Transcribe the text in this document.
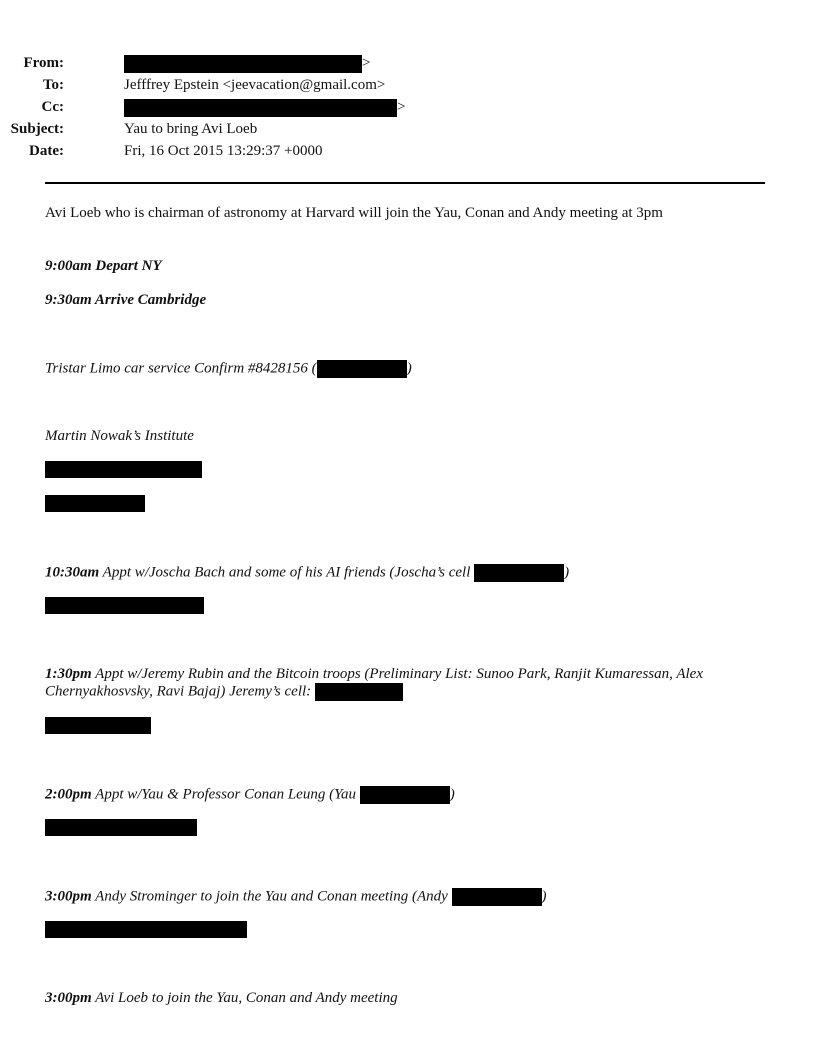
From:	>
To:	Jefffrey Epstein <jeevacation@gmail.com>
Cc:	>
Subject:	Yau to bring Avi Loeb
Date:	Fri, 16 Oct 2015 13:29:37 +0000
Avi Loeb who is chairman of astronomy at Harvard will join the Yau, Conan and Andy meeting at 3pm
9:00am Depart NY
9:30am Arrive Cambridge
Tristar Limo car service Confirm #8428156 (	)
Martin Nowak’s Institute
10:30am Appt w/Joscha Bach and some of his AI friends (Joscha’s cell	)
1:30pm Appt w/Jeremy Rubin and the Bitcoin troops (Preliminary List: Sunoo Park, Ranjit Kumaressan, Alex Chernyakhosvsky, Ravi Bajaj) Jeremy’s cell:
2:00pm Appt w/Yau & Professor Conan Leung (Yau	)
3:00pm Andy Strominger to join the Yau and Conan meeting (Andy	)
3:00pm Avi Loeb to join the Yau, Conan and Andy meeting
